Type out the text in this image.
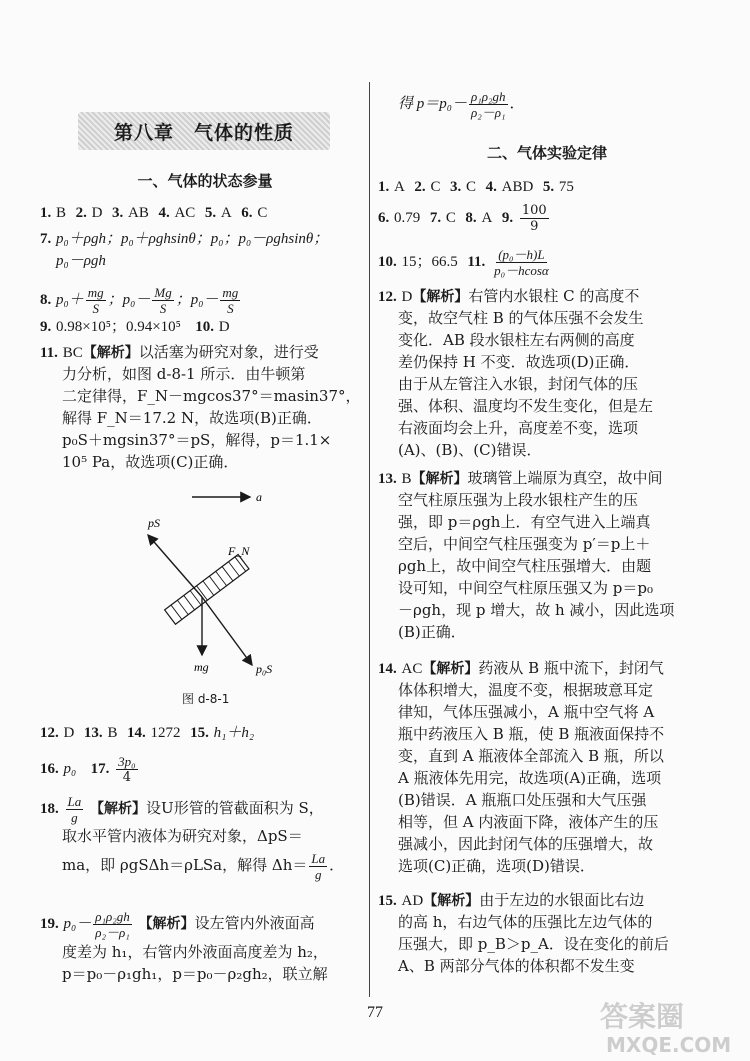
第八章　气体的性质
一、气体的状态参量
1. B 2. D 3. AB 4. AC 5. A 6. C
7. p₀＋ρgh；p₀＋ρghsinθ；p₀；p₀－ρghsinθ；
p₀－ρgh
8. $p_0+ \frac{mg}{S}$ ；$p_0- \frac{Mg}{S}$ ；$p_0- \frac{mg}{S}$
9. 0.98×10⁵；0.94×10⁵ 10. D
11. BC【解析】以活塞为研究对象，进行受
力分析，如图 d-8-1 所示．由牛顿第
二定律得，F_N－mgcos37°＝masin37°，
解得 F_N＝17.2 N，故选项(B)正确．
p₀S＋mgsin37°＝pS，解得，p＝1.1×
10⁵ Pa，故选项(C)正确．
a
pS
p₀S
mg
F_N
图 d-8-1
12. D 13. B 14. 1272 15. h₁＋h₂
16. p₀ 17. $\frac{\text{3p₀}}{4}$
18. $\frac{La}{g}$ 【解析】设U形管的管截面积为 S，
取水平管内液体为研究对象，ΔpS＝
ma，即 ρgSΔh＝ρLSa，解得 $\Delta h= \frac{La}{g}$ ．
19. $p_0- \frac{\text{ρ₁ρ₂gh}}{\text{ρ₂－ρ₁}}$ 【解析】设左管内外液面高
度差为 h₁，右管内外液面高度差为 h₂，
p＝p₀－ρ₁gh₁，p＝p₀－ρ₂gh₂，联立解
得 $p=p_0- \frac{\text{ρ₁ρ₂gh}}{\text{ρ₂－ρ₁}}$ ．
二、气体实验定律
1. A 2. C 3. C 4. ABD 5. 75
6. 0.79 7. C 8. A 9. $\frac{100}{9}$
10. 15；66.5 11. $\frac{\text{(p₀－h)L}}{\text{p₀－hcosα}}$
12. D【解析】右管内水银柱 C 的高度不
变，故空气柱 B 的气体压强不会发生
变化．AB 段水银柱左右两侧的高度
差仍保持 H 不变．故选项(D)正确．
由于从左管注入水银，封闭气体的压
强、体积、温度均不发生变化，但是左
右液面均会上升，高度差不变，选项
(A)、(B)、(C)错误．
13. B【解析】玻璃管上端原为真空，故中间
空气柱原压强为上段水银柱产生的压
强，即 p＝ρgh上．有空气进入上端真
空后，中间空气柱压强变为 p′＝p上＋
ρgh上，故中间空气柱压强增大．由题
设可知，中间空气柱原压强又为 p＝p₀
－ρgh，现 p 增大，故 h 减小，因此选项
(B)正确．
14. AC【解析】药液从 B 瓶中流下，封闭气
体体积增大，温度不变，根据玻意耳定
律知，气体压强减小，A 瓶中空气将 A
瓶中药液压入 B 瓶，使 B 瓶液面保持不
变，直到 A 瓶液体全部流入 B 瓶，所以
A 瓶液体先用完，故选项(A)正确，选项
(B)错误．A 瓶瓶口处压强和大气压强
相等，但 A 内液面下降，液体产生的压
强减小，因此封闭气体的压强增大，故
选项(C)正确，选项(D)错误．
15. AD【解析】由于左边的水银面比右边
的高 h，右边气体的压强比左边气体的
压强大，即 p_B＞p_A．设在变化的前后
A、B 两部分气体的体积都不发生变
77	答案圈
MXQE.COM
